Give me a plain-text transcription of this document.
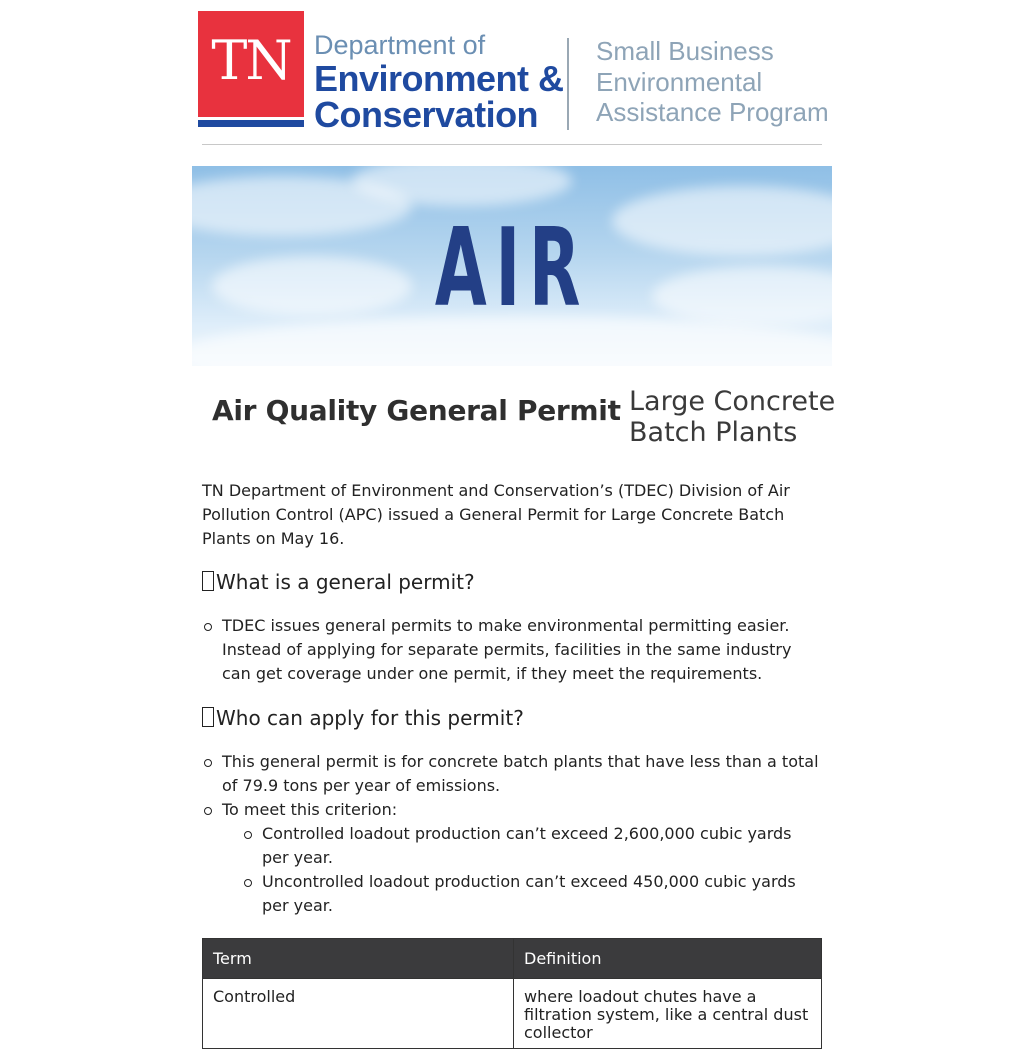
TN Department of
Environment &
Conservation
Small Business
Environmental
Assistance Program
AIR
Air Quality General Permit Large Concrete
Batch Plants
TN Department of Environment and Conservation’s (TDEC) Division of Air Pollution Control (APC) issued a General Permit for Large Concrete Batch Plants on May 16.
What is a general permit?
TDEC issues general permits to make environmental permitting easier. Instead of applying for separate permits, facilities in the same industry can get coverage under one permit, if they meet the requirements.
Who can apply for this permit?
This general permit is for concrete batch plants that have less than a total of 79.9 tons per year of emissions.
To meet this criterion:
Controlled loadout production can’t exceed 2,600,000 cubic yards per year.
Uncontrolled loadout production can’t exceed 450,000 cubic yards per year.
Term	Definition
Controlled	where loadout chutes have a filtration system, like a central dust collector
